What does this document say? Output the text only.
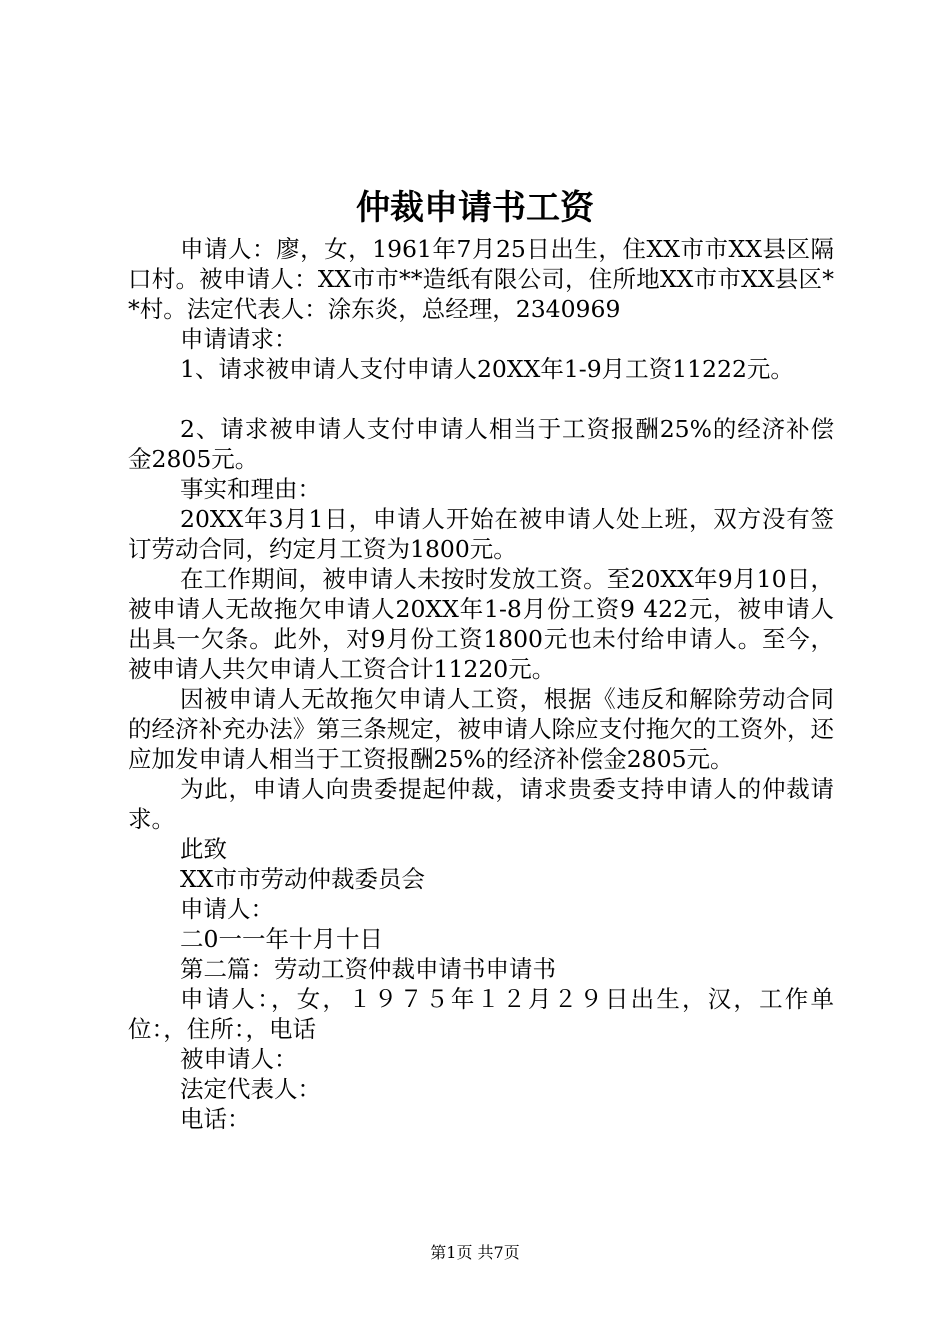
仲裁申请书工资

申请人：廖，女，1961年7月25日出生，住XX市市XX县区隔口村。被申请人：XX市市**造纸有限公司，住所地XX市市XX县区**村。法定代表人：涂东炎，总经理，2340969

申请请求：

1、请求被申请人支付申请人20XX年1-9月工资11222元。

2、请求被申请人支付申请人相当于工资报酬25%的经济补偿金2805元。

事实和理由：

20XX年3月1日，申请人开始在被申请人处上班，双方没有签订劳动合同，约定月工资为1800元。

在工作期间，被申请人未按时发放工资。至20XX年9月10日，被申请人无故拖欠申请人20XX年1-8月份工资9 422元，被申请人出具一欠条。此外，对9月份工资1800元也未付给申请人。至今，被申请人共欠申请人工资合计11220元。

因被申请人无故拖欠申请人工资，根据《违反和解除劳动合同的经济补充办法》第三条规定，被申请人除应支付拖欠的工资外，还应加发申请人相当于工资报酬25%的经济补偿金2805元。

为此，申请人向贵委提起仲裁，请求贵委支持申请人的仲裁请求。

此致

XX市市劳动仲裁委员会

申请人：

二0一一年十月十日

第二篇：劳动工资仲裁申请书申请书

申请人：，女，１９７５年１２月２９日出生，汉，工作单位：，住所：，电话

被申请人：

法定代表人：

电话：

第1页 共7页
